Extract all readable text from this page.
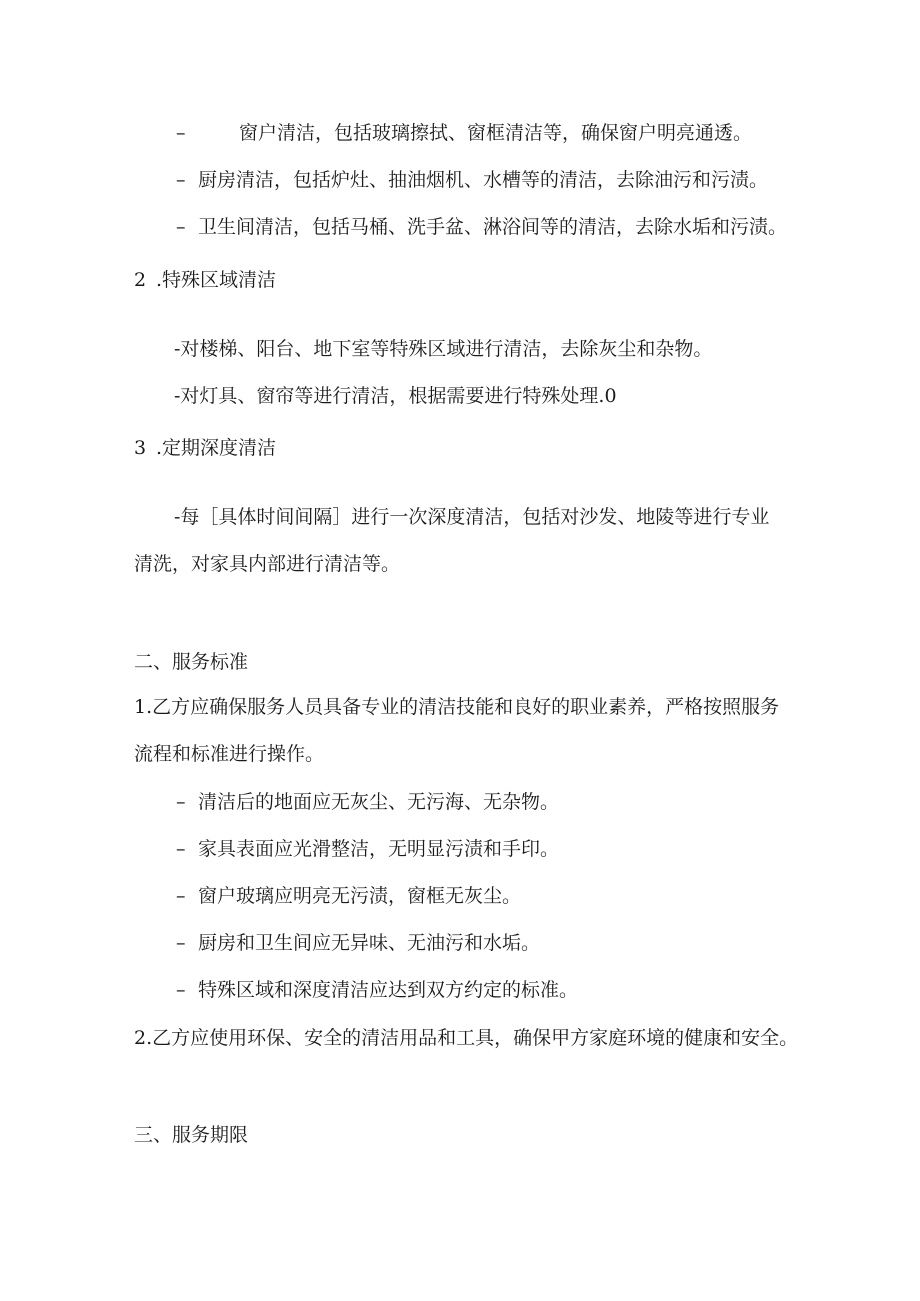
–	窗户清洁，包括玻璃擦拭、窗框清洁等，确保窗户明亮通透。
– 厨房清洁，包括炉灶、抽油烟机、水槽等的清洁，去除油污和污渍。
– 卫生间清洁，包括马桶、洗手盆、淋浴间等的清洁，去除水垢和污渍。
2 .特殊区域清洁
-对楼梯、阳台、地下室等特殊区域进行清洁，去除灰尘和杂物。
-对灯具、窗帘等进行清洁，根据需要进行特殊处理.0
3 .定期深度清洁
-每［具体时间间隔］进行一次深度清洁，包括对沙发、地陵等进行专业
清洗，对家具内部进行清洁等。
二、服务标准
1.乙方应确保服务人员具备专业的清洁技能和良好的职业素养，严格按照服务
流程和标准进行操作。
– 清洁后的地面应无灰尘、无污海、无杂物。
– 家具表面应光滑整洁，无明显污渍和手印。
– 窗户玻璃应明亮无污渍，窗框无灰尘。
– 厨房和卫生间应无异味、无油污和水垢。
– 特殊区域和深度清洁应达到双方约定的标准。
2.乙方应使用环保、安全的清洁用品和工具，确保甲方家庭环境的健康和安全。
三、服务期限
